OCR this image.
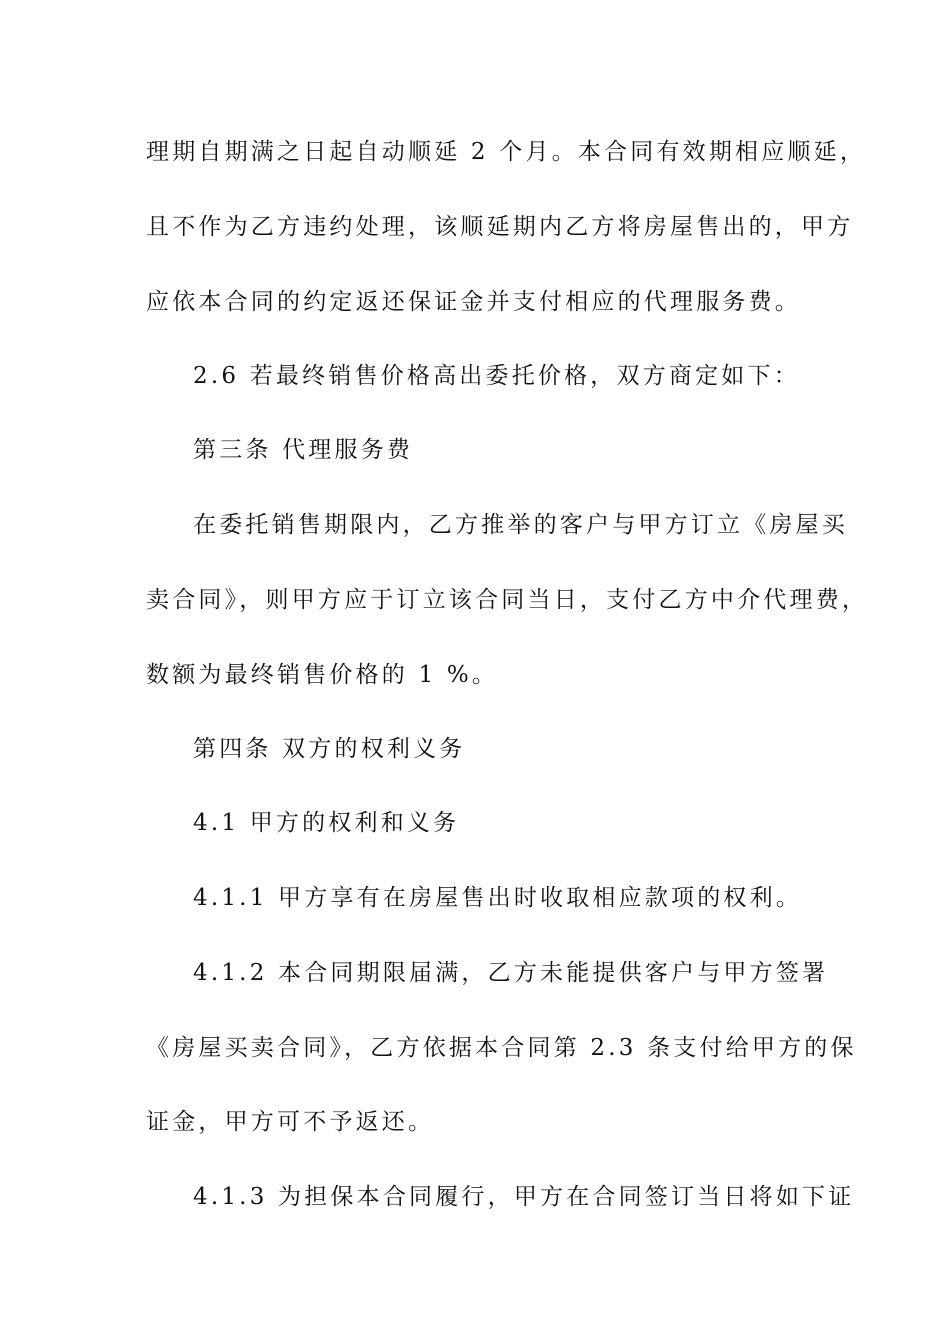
理期自期满之日起自动顺延 2 个月。本合同有效期相应顺延，
且不作为乙方违约处理，该顺延期内乙方将房屋售出的，甲方
应依本合同的约定返还保证金并支付相应的代理服务费。
2.6 若最终销售价格高出委托价格，双方商定如下：
第三条 代理服务费
在委托销售期限内，乙方推举的客户与甲方订立《房屋买
卖合同》，则甲方应于订立该合同当日，支付乙方中介代理费，
数额为最终销售价格的 1 %。
第四条 双方的权利义务
4.1 甲方的权利和义务
4.1.1 甲方享有在房屋售出时收取相应款项的权利。
4.1.2 本合同期限届满，乙方未能提供客户与甲方签署
《房屋买卖合同》，乙方依据本合同第 2.3 条支付给甲方的保
证金，甲方可不予返还。
4.1.3 为担保本合同履行，甲方在合同签订当日将如下证
